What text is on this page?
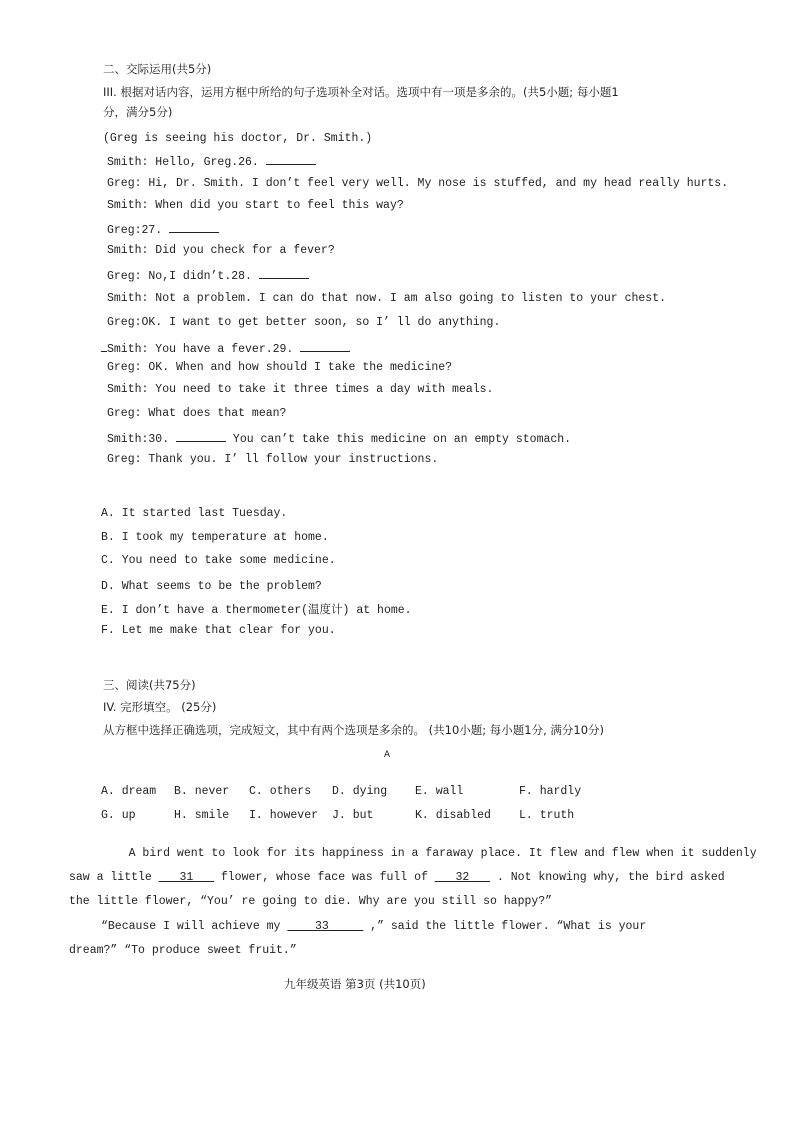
二、交际运用(共5分)
III. 根据对话内容，运用方框中所给的句子选项补全对话。选项中有一项是多余的。(共5小题; 每小题1
分，满分5分)
(Greg is seeing his doctor, Dr. Smith.)
Smith: Hello, Greg.26.
Greg: Hi, Dr. Smith. I don’t feel very well. My nose is stuffed, and my head really hurts.
Smith: When did you start to feel this way?
Greg:27.
Smith: Did you check for a fever?
Greg: No,I didn’t.28.
Smith: Not a problem. I can do that now. I am also going to listen to your chest.
Greg:OK. I want to get better soon, so I’ ll do anything.
Smith: You have a fever.29.
Greg: OK. When and how should I take the medicine?
Smith: You need to take it three times a day with meals.
Greg: What does that mean?
Smith:30.	You can’t take this medicine on an empty stomach.
Greg: Thank you. I’ ll follow your instructions.
A. It started last Tuesday.
B. I took my temperature at home.
C. You need to take some medicine.
D. What seems to be the problem?
E. I don’t have a thermometer(温度计) at home.
F. Let me make that clear for you.
三、阅读(共75分)
IV. 完形填空。 (25分)
从方框中选择正确选项，完成短文，其中有两个选项是多余的。 (共10小题; 每小题1分, 满分10分)
A
A. dream B. never C. others D. dying E. wall	F. hardly
G. up	H. smile I. however J. but	K. disabled L. truth
A bird went to look for its happiness in a faraway place. It flew and flew when it suddenly
saw a little    31    flower, whose face was full of    32    . Not knowing why, the bird asked
the little flower, “You’ re going to die. Why are you still so happy?”
“Because I will achieve my     33	,” said the little flower. “What is your
dream?” “To produce sweet fruit.”
九年级英语 第3页 (共10页)
